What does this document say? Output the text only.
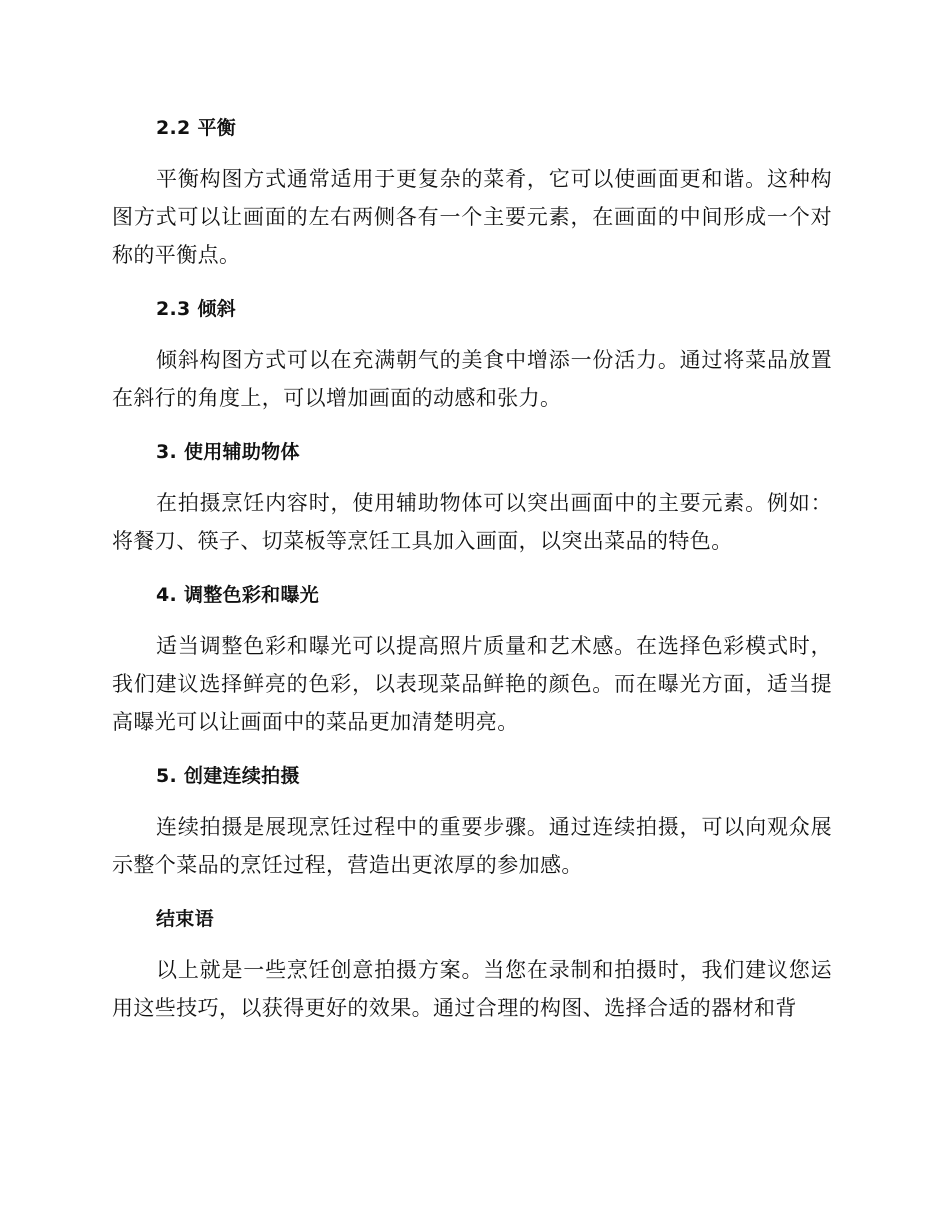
2.2 平衡

平衡构图方式通常适用于更复杂的菜肴，它可以使画面更和谐。这种构图方式可以让画面的左右两侧各有一个主要元素，在画面的中间形成一个对称的平衡点。

2.3 倾斜

倾斜构图方式可以在充满朝气的美食中增添一份活力。通过将菜品放置在斜行的角度上，可以增加画面的动感和张力。

3. 使用辅助物体

在拍摄烹饪内容时，使用辅助物体可以突出画面中的主要元素。例如：将餐刀、筷子、切菜板等烹饪工具加入画面，以突出菜品的特色。

4. 调整色彩和曝光

适当调整色彩和曝光可以提高照片质量和艺术感。在选择色彩模式时，我们建议选择鲜亮的色彩，以表现菜品鲜艳的颜色。而在曝光方面，适当提高曝光可以让画面中的菜品更加清楚明亮。

5. 创建连续拍摄

连续拍摄是展现烹饪过程中的重要步骤。通过连续拍摄，可以向观众展示整个菜品的烹饪过程，营造出更浓厚的参加感。

结束语

以上就是一些烹饪创意拍摄方案。当您在录制和拍摄时，我们建议您运用这些技巧，以获得更好的效果。通过合理的构图、选择合适的器材和背
